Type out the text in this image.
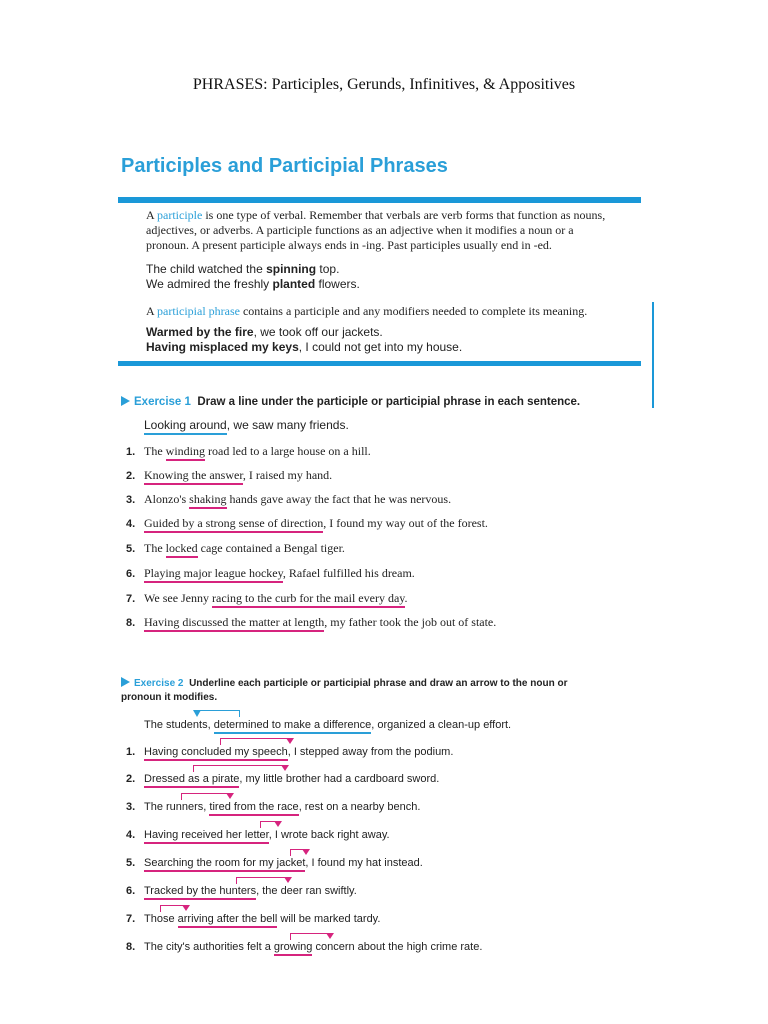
PHRASES: Participles, Gerunds, Infinitives, & Appositives
Participles and Participial Phrases
A participle is one type of verbal. Remember that verbals are verb forms that function as nouns, adjectives, or adverbs. A participle functions as an adjective when it modifies a noun or a pronoun. A present participle always ends in -ing. Past participles usually end in -ed.
The child watched the spinning top.
We admired the freshly planted flowers.
A participial phrase contains a participle and any modifiers needed to complete its meaning.
Warmed by the fire, we took off our jackets.
Having misplaced my keys, I could not get into my house.
Exercise 1 Draw a line under the participle or participial phrase in each sentence.
Looking around, we saw many friends.
1. The winding road led to a large house on a hill.
2. Knowing the answer, I raised my hand.
3. Alonzo's shaking hands gave away the fact that he was nervous.
4. Guided by a strong sense of direction, I found my way out of the forest.
5. The locked cage contained a Bengal tiger.
6. Playing major league hockey, Rafael fulfilled his dream.
7. We see Jenny racing to the curb for the mail every day.
8. Having discussed the matter at length, my father took the job out of state.
Exercise 2 Underline each participle or participial phrase and draw an arrow to the noun or
pronoun it modifies.
The students, determined to make a difference, organized a clean-up effort.
1. Having concluded my speech, I stepped away from the podium.
2. Dressed as a pirate, my little brother had a cardboard sword.
3. The runners, tired from the race, rest on a nearby bench.
4. Having received her letter, I wrote back right away.
5. Searching the room for my jacket, I found my hat instead.
6. Tracked by the hunters, the deer ran swiftly.
7. Those arriving after the bell will be marked tardy.
8. The city's authorities felt a growing concern about the high crime rate.
